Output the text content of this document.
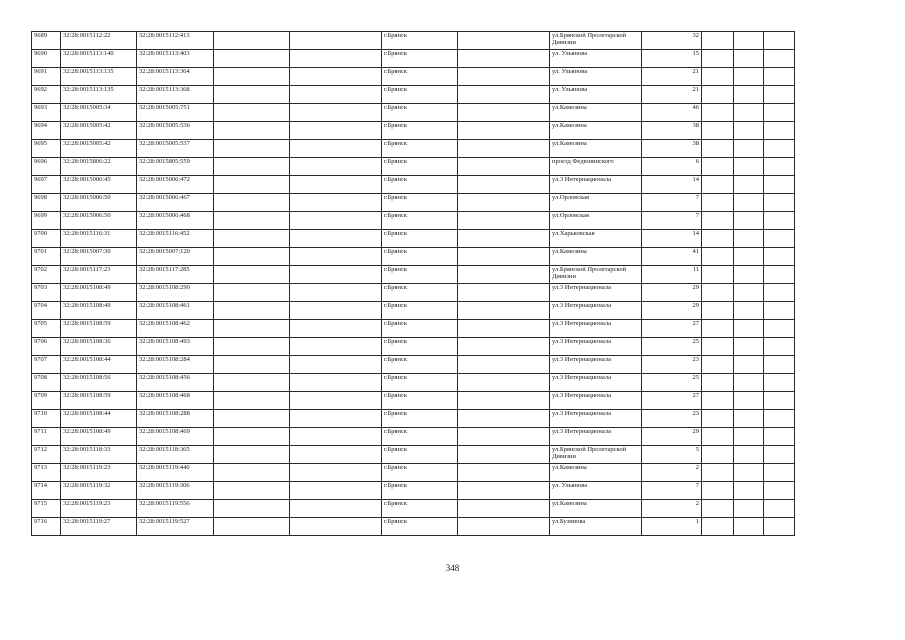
9689	32:28:0015112:22	32:28:0015112:413			г.Брянск		ул.Брянской Пролетарской Дивизии	32			
9690	32:28:0015113:140	32:28:0015113:403			г.Брянск		ул. Ульянова	15			
9691	32:28:0015113:135	32:28:0015113:364			г.Брянск		ул. Ульянова	21			
9692	32:28:0015113:135	32:28:0015113:368			г.Брянск		ул. Ульянова	21			
9693	32:28:0015005:34	32:28:0015005:751			г.Брянск		ул.Камозина	46			
9694	32:28:0015005:42	32:28:0015005:536			г.Брянск		ул.Камозина	38			
9695	32:28:0015005:42	32:28:0015005:537			г.Брянск		ул.Камозина	38			
9696	32:28:0015806:22	32:28:0015805:559			г.Брянск		проезд Федюнинского	6			
9697	32:28:0015006:45	32:28:0015006:472			г.Брянск		ул.3 Интернационала	14			
9698	32:28:0015006:50	32:28:0015006:467			г.Брянск		ул.Орловская	7			
9699	32:28:0015006:50	32:28:0015006:468			г.Брянск		ул.Орловская	7			
9700	32:28:0015116:31	32:28:0015116:452			г.Брянск		ул.Харьковская	14			
9701	32:28:0015007:30	32:28:0015007:120			г.Брянск		ул.Камозина	41			
9702	32:28:0015117:23	32:28:0015117:285			г.Брянск		ул.Брянской Пролетарской Дивизии	11			
9703	32:28:0015108:49	32:28:0015108:290			г.Брянск		ул.3 Интернационала	29			
9704	32:28:0015108:49	32:28:0015108:461			г.Брянск		ул.3 Интернационала	29			
9705	32:28:0015108:59	32:28:0015108:462			г.Брянск		ул.3 Интернационала	27			
9706	32:28:0015108:36	32:28:0015108:493			г.Брянск		ул.3 Интернационала	25			
9707	32:28:0015108:44	32:28:0015108:284			г.Брянск		ул.3 Интернационала	23			
9708	32:28:0015108:56	32:28:0015108:456			г.Брянск		ул.3 Интернационала	25			
9709	32:28:0015108:59	32:28:0015108:468			г.Брянск		ул.3 Интернационала	27			
9710	32:28:0015108:44	32:28:0015108:288			г.Брянск		ул.3 Интернационала	23			
9711	32:28:0015108:49	32:28:0015108:469			г.Брянск		ул.3 Интернационала	29			
9712	32:28:0015118:33	32:28:0015118:365			г.Брянск		ул.Брянской Пролетарской Дивизии	5			
9713	32:28:0015119:23	32:28:0015119:440			г.Брянск		ул.Камозина	2			
9714	32:28:0015119:32	32:28:0015119:306			г.Брянск		ул. Ульянова	7			
9715	32:28:0015119:23	32:28:0015119:556			г.Брянск		ул.Камозина	2			
9716	32:28:0015119:27	32:28:0015119:527			г.Брянск		ул.Бузинова	1			
348
